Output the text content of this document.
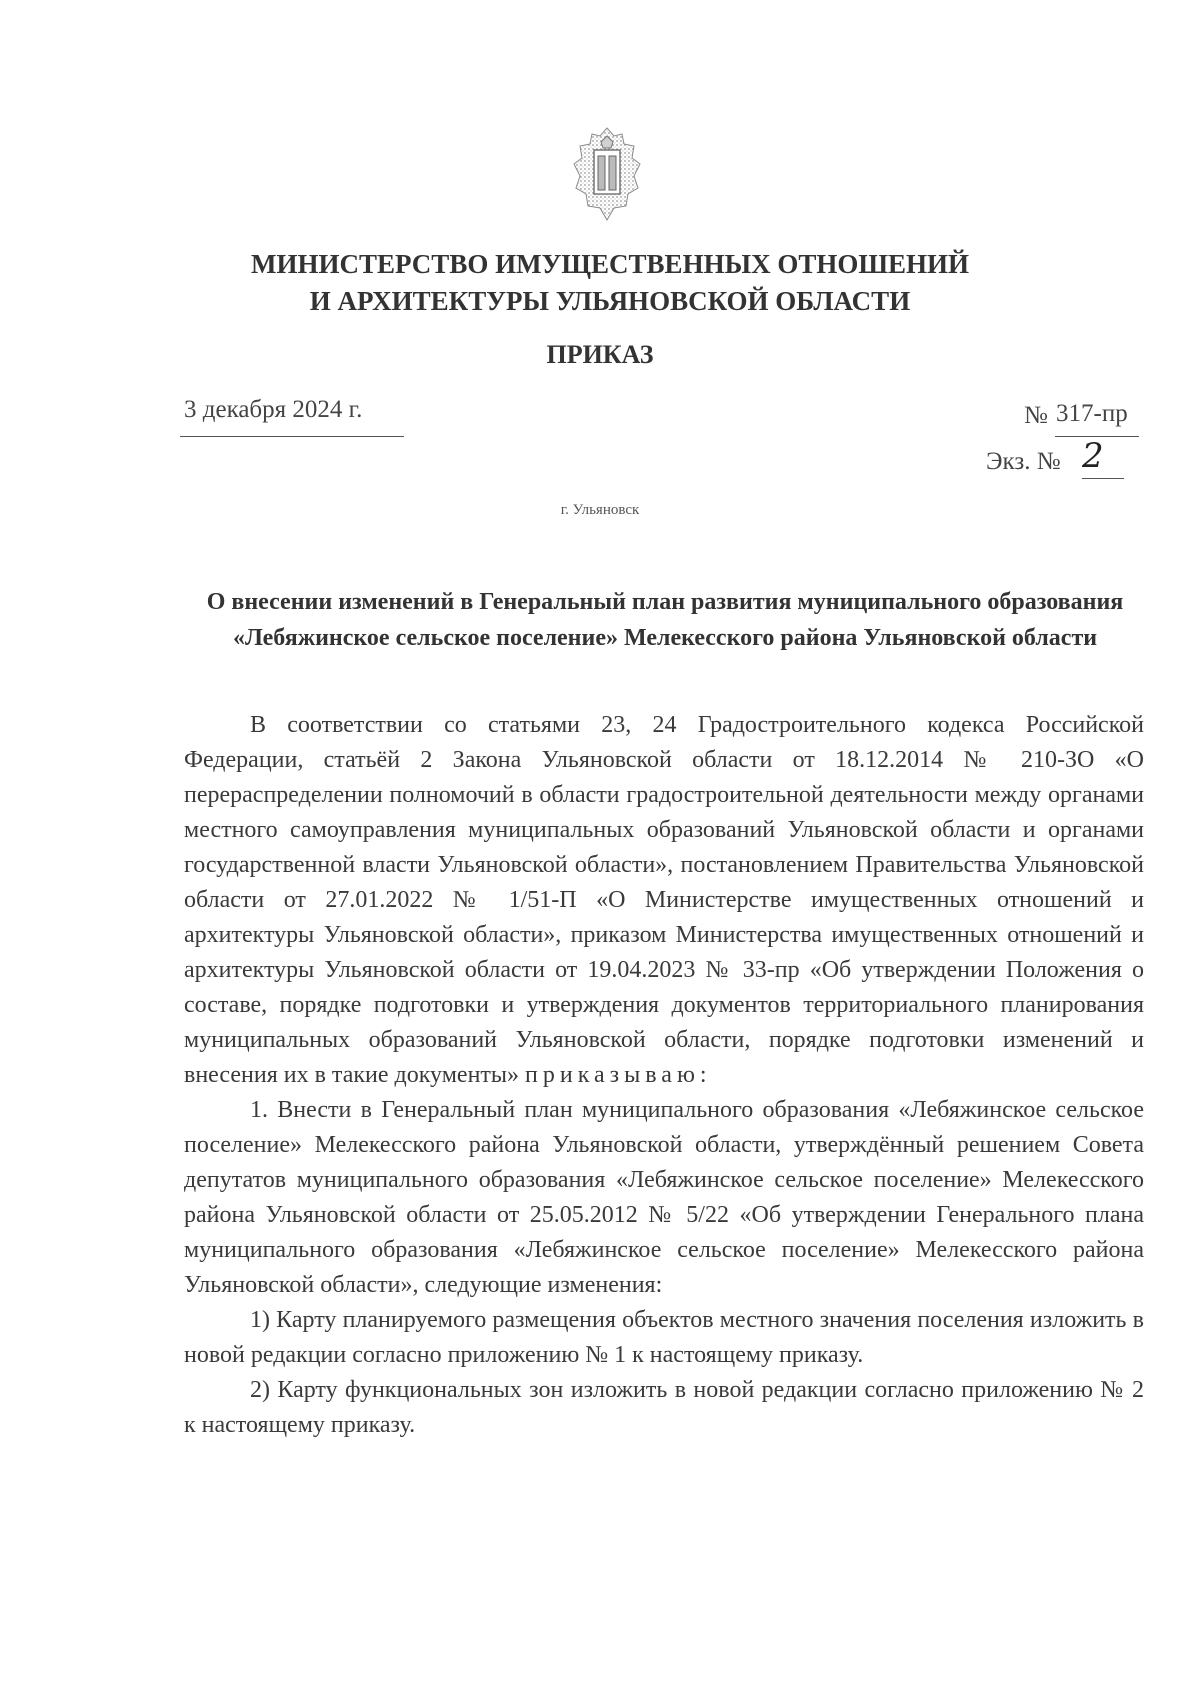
МИНИСТЕРСТВО ИМУЩЕСТВЕННЫХ ОТНОШЕНИЙ
И АРХИТЕКТУРЫ УЛЬЯНОВСКОЙ ОБЛАСТИ
ПРИКАЗ
3 декабря 2024 г.	№ 317-пр
Экз. № 2
г. Ульяновск
О внесении изменений в Генеральный план развития муниципального образования «Лебяжинское сельское поселение» Мелекесского района Ульяновской области

В соответствии со статьями 23, 24 Градостроительного кодекса Российской Федерации, статьёй 2 Закона Ульяновской области от 18.12.2014 № 210-ЗО «О перераспределении полномочий в области градостроительной деятельности между органами местного самоуправления муниципальных образований Ульяновской области и органами государственной власти Ульяновской области», постановлением Правительства Ульяновской области от 27.01.2022 № 1/51-П «О Министерстве имущественных отношений и архитектуры Ульяновской области», приказом Министерства имущественных отношений и архитектуры Ульяновской области от 19.04.2023 № 33-пр «Об утверждении Положения о составе, порядке подготовки и утверждения документов территориального планирования муниципальных образований Ульяновской области, порядке подготовки изменений и внесения их в такие документы» приказываю:

1. Внести в Генеральный план муниципального образования «Лебяжинское сельское поселение» Мелекесского района Ульяновской области, утверждённый решением Совета депутатов муниципального образования «Лебяжинское сельское поселение» Мелекесского района Ульяновской области от 25.05.2012 № 5/22 «Об утверждении Генерального плана муниципального образования «Лебяжинское сельское поселение» Мелекесского района Ульяновской области», следующие изменения:

1) Карту планируемого размещения объектов местного значения поселения изложить в новой редакции согласно приложению № 1 к настоящему приказу.

2) Карту функциональных зон изложить в новой редакции согласно приложению № 2 к настоящему приказу.
